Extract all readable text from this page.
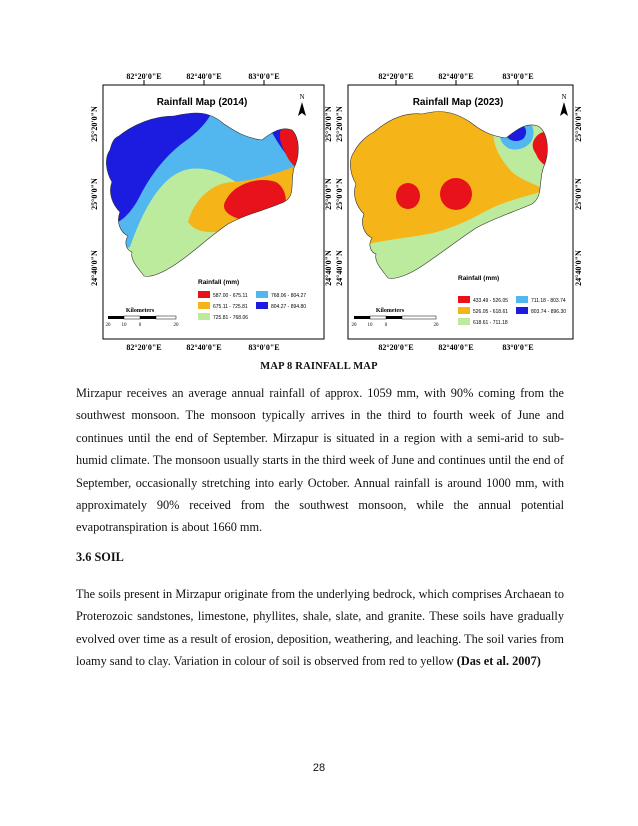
82°20'0"E	82°40'0"E	83°0'0"E
82°20'0"E	82°40'0"E	83°0'0"E
25°20'0"N
25°0'0"N
24°40'0"N
25°20'0"N
25°0'0"N
24°40'0"N
Rainfall Map (2014)	N
Rainfall (mm)
587.00 - 675.11
675.11 - 725.81
725.81 - 768.06
768.06 - 804.27
804.27 - 894.80
Kilometers
20 10 0	20
82°20'0"E	82°40'0"E	83°0'0"E
82°20'0"E	82°40'0"E	83°0'0"E
25°20'0"N
25°0'0"N
24°40'0"N
25°20'0"N
25°0'0"N
24°40'0"N
Rainfall Map (2023)	N
Rainfall (mm)
433.49 - 526.05
526.05 - 618.61
618.61 - 711.18
711.18 - 803.74
803.74 - 896.30
Kilometers
20 10 0	20
MAP 8 RAINFALL MAP

Mirzapur receives an average annual rainfall of approx. 1059 mm, with 90% coming from the southwest monsoon. The monsoon typically arrives in the third to fourth week of June and continues until the end of September. Mirzapur is situated in a region with a semi-arid to sub-humid climate. The monsoon usually starts in the third week of June and continues until the end of September, occasionally stretching into early October. Annual rainfall is around 1000 mm, with approximately 90% received from the southwest monsoon, while the annual potential evapotranspiration is about 1660 mm.

3.6 SOIL

The soils present in Mirzapur originate from the underlying bedrock, which comprises Archaean to Proterozoic sandstones, limestone, phyllites, shale, slate, and granite. These soils have gradually evolved over time as a result of erosion, deposition, weathering, and leaching. The soil varies from loamy sand to clay. Variation in colour of soil is observed from red to yellow (Das et al. 2007)

28
